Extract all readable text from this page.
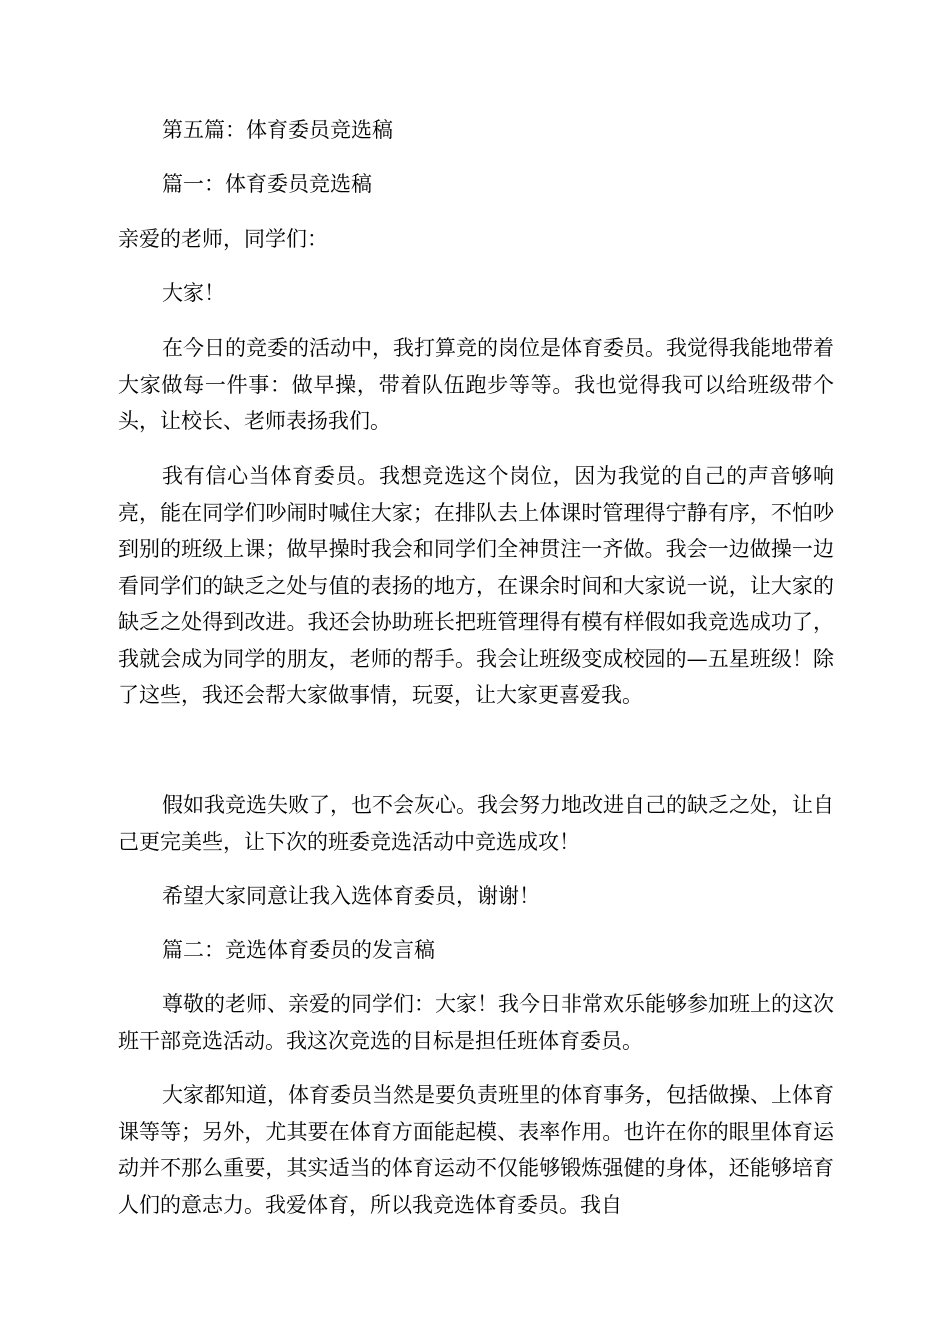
第五篇：体育委员竞选稿

篇一：体育委员竞选稿

亲爱的老师，同学们：

大家！

在今日的竞委的活动中，我打算竞的岗位是体育委员。我觉得我能地带着大家做每一件事：做早操，带着队伍跑步等等。我也觉得我可以给班级带个头，让校长、老师表扬我们。

我有信心当体育委员。我想竞选这个岗位，因为我觉的自己的声音够响亮，能在同学们吵闹时喊住大家；在排队去上体课时管理得宁静有序，不怕吵到别的班级上课；做早操时我会和同学们全神贯注一齐做。我会一边做操一边看同学们的缺乏之处与值的表扬的地方，在课余时间和大家说一说，让大家的缺乏之处得到改进。我还会协助班长把班管理得有模有样假如我竞选成功了，我就会成为同学的朋友，老师的帮手。我会让班级变成校园的—五星班级！除了这些，我还会帮大家做事情，玩耍，让大家更喜爱我。

假如我竞选失败了，也不会灰心。我会努力地改进自己的缺乏之处，让自己更完美些，让下次的班委竞选活动中竞选成攻！

希望大家同意让我入选体育委员，谢谢！

篇二：竞选体育委员的发言稿

尊敬的老师、亲爱的同学们：大家！我今日非常欢乐能够参加班上的这次班干部竞选活动。我这次竞选的目标是担任班体育委员。

大家都知道，体育委员当然是要负责班里的体育事务，包括做操、上体育课等等；另外，尤其要在体育方面能起模、表率作用。也许在你的眼里体育运动并不那么重要，其实适当的体育运动不仅能够锻炼强健的身体，还能够培育人们的意志力。我爱体育，所以我竞选体育委员。我自
